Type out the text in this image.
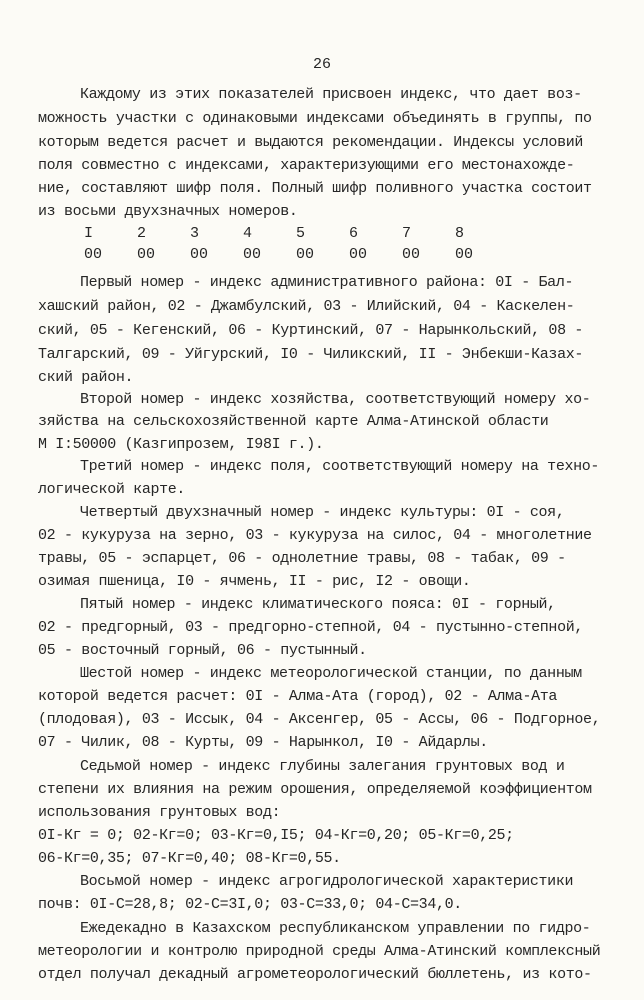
26
Каждому из этих показателей присвоен индекс, что дает воз-
можность участки с одинаковыми индексами объединять в группы, по
которым ведется расчет и выдаются рекомендации. Индексы условий
поля совместно с индексами, характеризующими его местонахожде-
ние, составляют шифр поля. Полный шифр поливного участка состоит
из восьми двухзначных номеров.
I	2	3	4	5	6	7	8
00	00	00	00	00	00	00	00
Первый номер - индекс административного района: 0I - Бал-
хашский район, 02 - Джамбулский, 03 - Илийский, 04 - Каскелен-
ский, 05 - Кегенский, 06 - Куртинский, 07 - Нарынкольский, 08 -
Талгарский, 09 - Уйгурский, I0 - Чиликский, II - Энбекши-Казах-
ский район.
Второй номер - индекс хозяйства, соответствующий номеру хо-
зяйства на сельскохозяйственной карте Алма-Атинской области
М I:50000 (Казгипрозем, I98I г.).
Третий номер - индекс поля, соответствующий номеру на техно-
логической карте.
Четвертый двухзначный номер - индекс культуры: 0I - соя,
02 - кукуруза на зерно, 03 - кукуруза на силос, 04 - многолетние
травы, 05 - эспарцет, 06 - однолетние травы, 08 - табак, 09 -
озимая пшеница, I0 - ячмень, II - рис, I2 - овощи.
Пятый номер - индекс климатического пояса: 0I - горный,
02 - предгорный, 03 - предгорно-степной, 04 - пустынно-степной,
05 - восточный горный, 06 - пустынный.
Шестой номер - индекс метеорологической станции, по данным
которой ведется расчет: 0I - Алма-Ата (город), 02 - Алма-Ата
(плодовая), 03 - Иссык, 04 - Аксенгер, 05 - Ассы, 06 - Подгорное,
07 - Чилик, 08 - Курты, 09 - Нарынкол, I0 - Айдарлы.
Седьмой номер - индекс глубины залегания грунтовых вод и
степени их влияния на режим орошения, определяемой коэффициентом
использования грунтовых вод:
0I-Кг = 0; 02-Кг=0; 03-Кг=0,I5; 04-Кг=0,20; 05-Кг=0,25;
06-Кг=0,35; 07-Кг=0,40; 08-Кг=0,55.
Восьмой номер - индекс агрогидрологической характеристики
почв: 0I-C=28,8; 02-C=3I,0; 03-C=33,0; 04-C=34,0.
Ежедекадно в Казахском республиканском управлении по гидро-
метеорологии и контролю природной среды Алма-Атинский комплексный
отдел получал декадный агрометеорологический бюллетень, из кото-
